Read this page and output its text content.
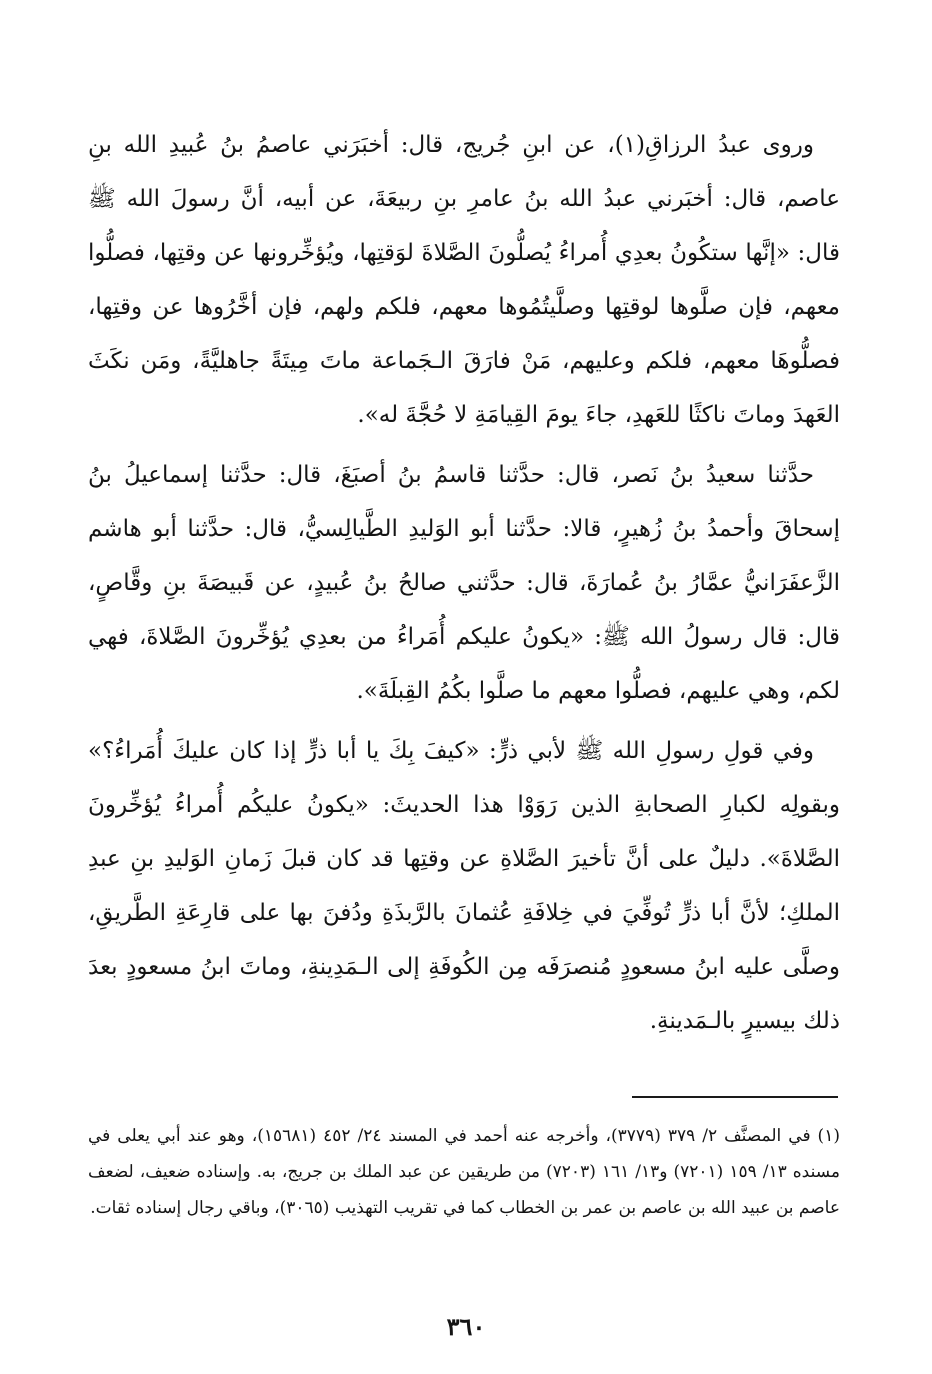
وروى عبدُ الرزاقِ(١)، عن ابنِ جُريج، قال: أخبَرَني عاصمُ بنُ عُبيدِ الله بنِ عاصم، قال: أخبَرني عبدُ الله بنُ عامرِ بنِ ربيعَةَ، عن أبيه، أنَّ رسولَ الله ﷺ قال: «إنَّها ستكُونُ بعدِي أُمراءُ يُصلُّونَ الصَّلاةَ لوَقتِها، ويُؤخِّرونها عن وقتِها، فصلُّوا معهم، فإن صلَّوها لوقتِها وصلَّيتُمُوها معهم، فلكم ولهم، فإن أخَّرُوها عن وقتِها، فصلُّوهَا معهم، فلكم وعليهم، مَنْ فارَقَ الـجَماعة ماتَ مِيتَةً جاهليَّةً، ومَن نكَثَ العَهدَ وماتَ ناكثًا للعَهدِ، جاءَ يومَ القِيامَةِ لا حُجَّةَ له».

حدَّثنا سعيدُ بنُ نَصر، قال: حدَّثنا قاسمُ بنُ أصبَغَ، قال: حدَّثنا إسماعيلُ بنُ إسحاقَ وأحمدُ بنُ زُهيرٍ، قالا: حدَّثنا أبو الوَليدِ الطَّيالِسيُّ، قال: حدَّثنا أبو هاشم الزَّعفَرَانيُّ عمَّارُ بنُ عُمارَةَ، قال: حدَّثني صالحُ بنُ عُبيدٍ، عن قَبيصَةَ بنِ وقَّاصٍ، قال: قال رسولُ الله ﷺ: «يكونُ عليكم أُمَراءُ من بعدِي يُؤخِّرونَ الصَّلاةَ، فهي لكم، وهي عليهم، فصلُّوا معهم ما صلَّوا بكُمُ القِبلَةَ».

وفي قولِ رسولِ الله ﷺ لأبي ذرٍّ: «كيفَ بِكَ يا أبا ذرٍّ إذا كان عليكَ أُمَراءُ؟» وبقولِه لكبارِ الصحابةِ الذين رَوَوْا هذا الحديثَ: «يكونُ عليكُم أُمراءُ يُؤخِّرونَ الصَّلاةَ». دليلٌ على أنَّ تأخيرَ الصَّلاةِ عن وقتِها قد كان قبلَ زَمانِ الوَليدِ بنِ عبدِ الملكِ؛ لأنَّ أبا ذرٍّ تُوفِّيَ في خِلافَةِ عُثمانَ بالرَّبذَةِ ودُفنَ بها على قارِعَةِ الطَّريقِ، وصلَّى عليه ابنُ مسعودٍ مُنصرَفَه مِن الكُوفَةِ إلى الـمَدِينةِ، وماتَ ابنُ مسعودٍ بعدَ ذلك بيسيرٍ بالـمَدينةِ.

(١) في المصنَّف ٢/ ٣٧٩ (٣٧٧٩)، وأخرجه عنه أحمد في المسند ٢٤/ ٤٥٢ (١٥٦٨١)، وهو عند أبي يعلى في مسنده ١٣/ ١٥٩ (٧٢٠١) و١٣/ ١٦١ (٧٢٠٣) من طريقين عن عبد الملك بن جريج، به. وإسناده ضعيف، لضعف عاصم بن عبيد الله بن عاصم بن عمر بن الخطاب كما في تقريب التهذيب (٣٠٦٥)، وباقي رجال إسناده ثقات.

٣٦٠
